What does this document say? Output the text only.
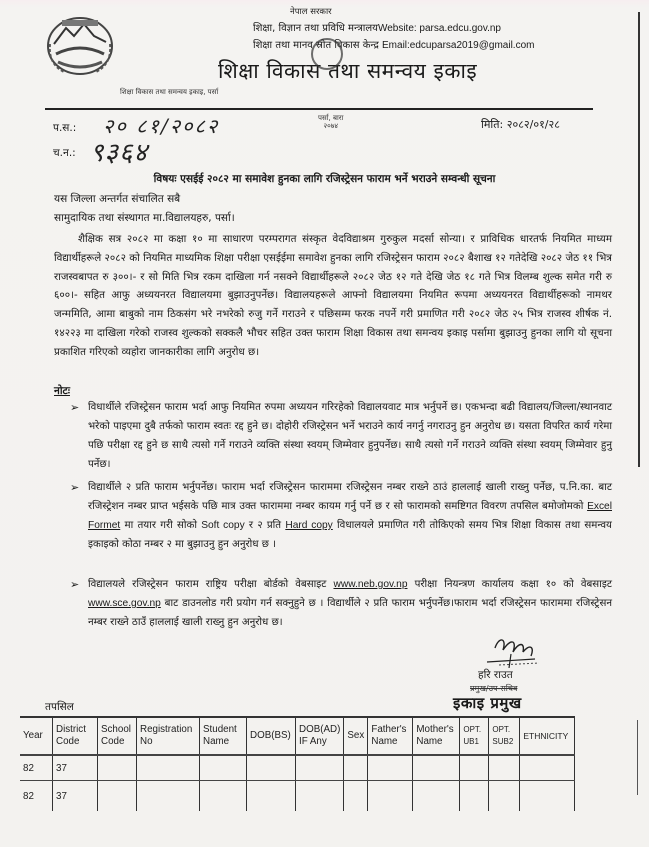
नेपाल सरकार
शिक्षा, विज्ञान तथा प्रविधि मन्त्रालयWebsite: parsa.edcu.gov.np
शिक्षा तथा मानव स्रोत विकास केन्द्र Email:edcuparsa2019@gmail.com
शिक्षा विकास तथा समन्वय इकाइ
शिक्षा विकास तथा समन्वय इकाइ, पर्सा
पर्सा, बारा
२०७४
प.स.: २० ८१/२०८२
च.न.: ९३६४
मिति: २०८२/०१/२८
विषयः एसईई २०८२ मा समावेश हुनका लागि रजिस्ट्रेसन फाराम भर्ने भराउने सम्वन्धी सूचना
यस जिल्ला अन्तर्गत संचालित सबै
सामुदायिक तथा संस्थागत मा.विद्यालयहरु, पर्सा।
शैक्षिक सत्र २०८२ मा कक्षा १० मा साधारण परम्परागत संस्कृत वेदविद्याश्रम गुरुकुल मदर्सा सोन्या। र प्राविधिक धारतर्फ नियमित माध्यम विद्यार्थीहरूले २०८२ को नियमित माध्यमिक शिक्षा परीक्षा एसईईमा समावेश हुनका लागि रजिस्ट्रेसन फाराम २०८२ बैशाख १२ गतेदेखि २०८२ जेठ ११ भित्र राजस्वबापत रु ३००।- र सो मिति भित्र रकम दाखिला गर्न नसक्ने विद्यार्थीहरूले २०८२ जेठ १२ गते देखि जेठ १८ गते भित्र विलम्ब शुल्क समेत गरी रु ६००।- सहित आफु अध्ययनरत विद्यालयमा बुझाउनुपर्नेछ। विद्यालयहरूले आफ्नो विद्यालयमा नियमित रूपमा अध्ययनरत विद्यार्थीहरूको नामथर जन्ममिति, आमा बाबुको नाम ठिकसंग भरे नभरेको रुजु गर्ने गराउने र पछिसम्म फरक नपर्ने गरी प्रमाणित गरी २०८२ जेठ २५ भित्र राजस्व शीर्षक नं. १४२२३ मा दाखिला गरेको राजस्व शुल्कको सक्कलै भौचर सहित उक्त फाराम शिक्षा विकास तथा समन्वय इकाइ पर्सामा बुझाउनु हुनका लागि यो सूचना प्रकाशित गरिएको व्यहोरा जानकारीका लागि अनुरोध छ।
नोटः
➢ विधार्थीले रजिस्ट्रेसन फाराम भर्दा आफु नियमित रुपमा अध्ययन गरिरहेको विद्यालयवाट मात्र भर्नुपर्ने छ। एकभन्दा बढी विद्यालय/जिल्ला/स्थानवाट भरेको पाइएमा दुबै तर्फको फाराम स्वतः रद्द हुने छ। दोहोरी रजिस्ट्रेसन भर्ने भराउने कार्य नगर्नु नगराउनु हुन अनुरोध छ। यसता विपरित कार्य गरेमा पछि परीक्षा रद्द हुने छ साथै त्यसो गर्ने गराउने व्यक्ति संस्था स्वयम् जिम्मेवार हुनुपर्नेछ। साथै त्यसो गर्ने गराउने व्यक्ति संस्था स्वयम् जिम्मेवार हुनु पर्नेछ।
➢ विद्यार्थीले २ प्रति फाराम भर्नुपर्नेछ। फाराम भर्दा रजिस्ट्रेसन फाराममा रजिस्ट्रेसन नम्बर राख्ने ठाउं हाललाई खाली राख्नु पर्नेछ, प.नि.का. बाट रजिस्ट्रेशन नम्बर प्राप्त भईसके पछि मात्र उक्त फाराममा नम्बर कायम गर्नु पर्ने छ र सो फारामको समष्टिगत विवरण तपसिल बमोजोमको Excel Formet मा तयार गरी सोको Soft copy र २ प्रति Hard copy विधालयले प्रमाणित गरी तोकिएको समय भित्र शिक्षा विकास तथा समन्वय इकाइको कोठा नम्बर २ मा बुझाउनु हुन अनुरोध छ ।
➢ विद्यालयले रजिस्ट्रेसन फाराम राष्ट्रिय परीक्षा बोर्डको वेबसाइट www.neb.gov.np परीक्षा नियन्त्रण कार्यालय कक्षा १० को वेबसाइट www.sce.gov.np बाट डाउनलोड गरी प्रयोग गर्न सक्नुहुने छ । विद्यार्थीले २ प्रति फाराम भर्नुपर्नेछ।फाराम भर्दा रजिस्ट्रेसन फाराममा रजिस्ट्रेसन नम्बर राख्ने ठाउँ हाललाई खाली राख्नु हुन अनुरोध छ।
हरि राउत
प्रमुख/उप-सचिव
इकाइ प्रमुख
तपसिल
Year	District Code	School Code	Registration No	Student Name	DOB(BS)	DOB(AD) IF Any	Sex	Father's Name	Mother's Name	OPT. UB1	OPT. SUB2	ETHNICITY
82	37											
82	37											
